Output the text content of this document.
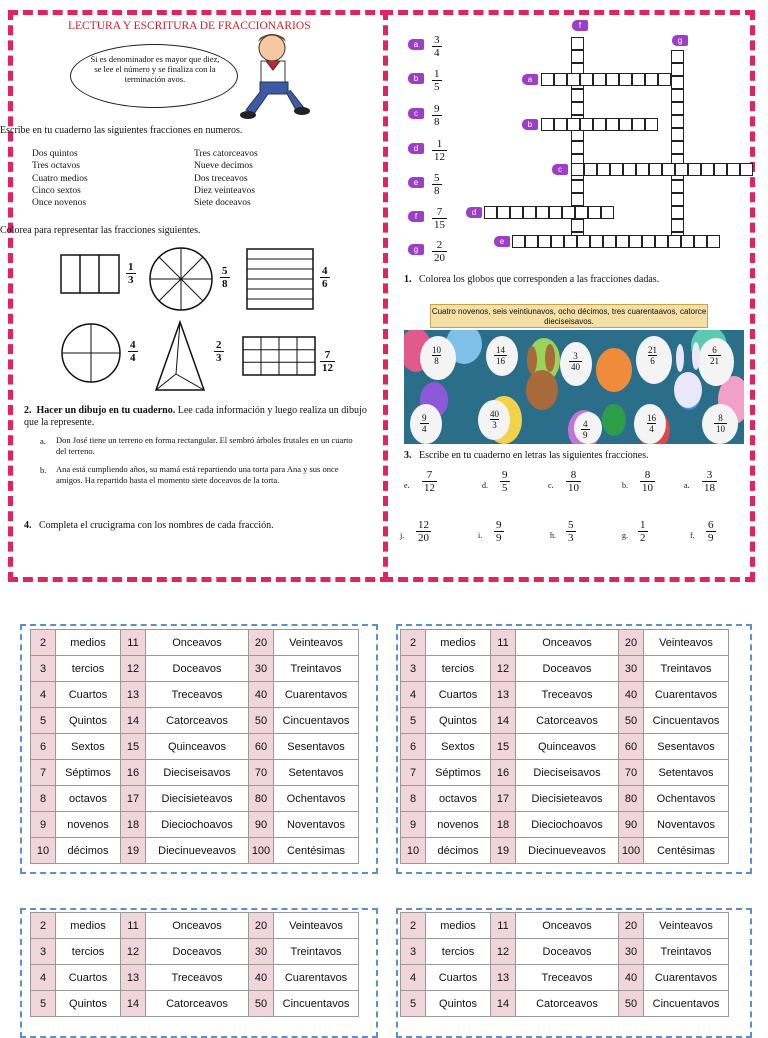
LECTURA Y ESCRITURA DE FRACCIONARIOS
Si es denominador es mayor que diez, se lee el número y se finaliza con la terminación avos.
Escribe en tu cuaderno las siguientes fracciones en numeros.
Dos quintos
Tres octavos
Cuatro medios
Cinco sextos
Once novenos
Tres catorceavos
Nueve decimos
Dos treceavos
Diez veinteavos
Siete doceavos
Colorea para representar las fracciones siguientes.
$\frac{1}{3}$	$\frac{5}{8}$	$\frac{4}{6}$
$\frac{4}{4}$	$\frac{2}{3}$	$\frac{7}{12}$
2. Hacer un dibujo en tu cuaderno. Lee cada información y luego realiza un dibujo que la represente.
a. Don José tiene un terreno en forma rectangular. El sembró árboles frutales en un cuarto del terreno.
b. Ana está cumpliendo años, su mamá está repartiendo una torta para Ana y sus once amigos. Ha repartido hasta el momento siete doceavos de la torta.
4. Completa el crucigrama con los nombres de cada fracción.
a	$\frac{3}{4}$
b	$\frac{1}{5}$
c	$\frac{9}{8}$
d	$\frac{1}{12}$
e	$\frac{5}{8}$
f	$\frac{7}{15}$
g	$\frac{2}{20}$
f
g
a
b
c
d
e
1. Colorea los globos que corresponden a las fracciones dadas.
Cuatro novenos, seis veintiunavos, ocho décimos, tres cuarentaavos, catorce dieciseisavos.
$\frac{10}{8}$	$\frac{14}{16}$	$\frac{3}{40}$	$\frac{21}{6}$	$\frac{6}{21}$
$\frac{9}{4}$	$\frac{40}{3}$	$\frac{4}{9}$	$\frac{16}{4}$	$\frac{8}{10}$
3. Escribe en tu cuaderno en letras las siguientes fracciones.
e. $\frac{7}{12}$	d. $\frac{9}{5}$	c. $\frac{8}{10}$	b. $\frac{8}{10}$	a. $\frac{3}{18}$
j. $\frac{12}{20}$	i. $\frac{9}{9}$	h. $\frac{5}{3}$	g. $\frac{1}{2}$	f. $\frac{6}{9}$
2	medios	11	Onceavos	20	Veinteavos
3	tercios	12	Doceavos	30	Treintavos
4	Cuartos	13	Treceavos	40	Cuarentavos
5	Quintos	14	Catorceavos	50	Cincuentavos
6	Sextos	15	Quinceavos	60	Sesentavos
7	Séptimos	16	Dieciseisavos	70	Setentavos
8	octavos	17	Diecisieteavos	80	Ochentavos
9	novenos	18	Dieciochoavos	90	Noventavos
10	décimos	19	Diecinueveavos	100	Centésimas
2	medios	11	Onceavos	20	Veinteavos
3	tercios	12	Doceavos	30	Treintavos
4	Cuartos	13	Treceavos	40	Cuarentavos
5	Quintos	14	Catorceavos	50	Cincuentavos
6	Sextos	15	Quinceavos	60	Sesentavos
7	Séptimos	16	Dieciseisavos	70	Setentavos
8	octavos	17	Diecisieteavos	80	Ochentavos
9	novenos	18	Dieciochoavos	90	Noventavos
10	décimos	19	Diecinueveavos	100	Centésimas
2	medios	11	Onceavos	20	Veinteavos
3	tercios	12	Doceavos	30	Treintavos
4	Cuartos	13	Treceavos	40	Cuarentavos
5	Quintos	14	Catorceavos	50	Cincuentavos
2	medios	11	Onceavos	20	Veinteavos
3	tercios	12	Doceavos	30	Treintavos
4	Cuartos	13	Treceavos	40	Cuarentavos
5	Quintos	14	Catorceavos	50	Cincuentavos
